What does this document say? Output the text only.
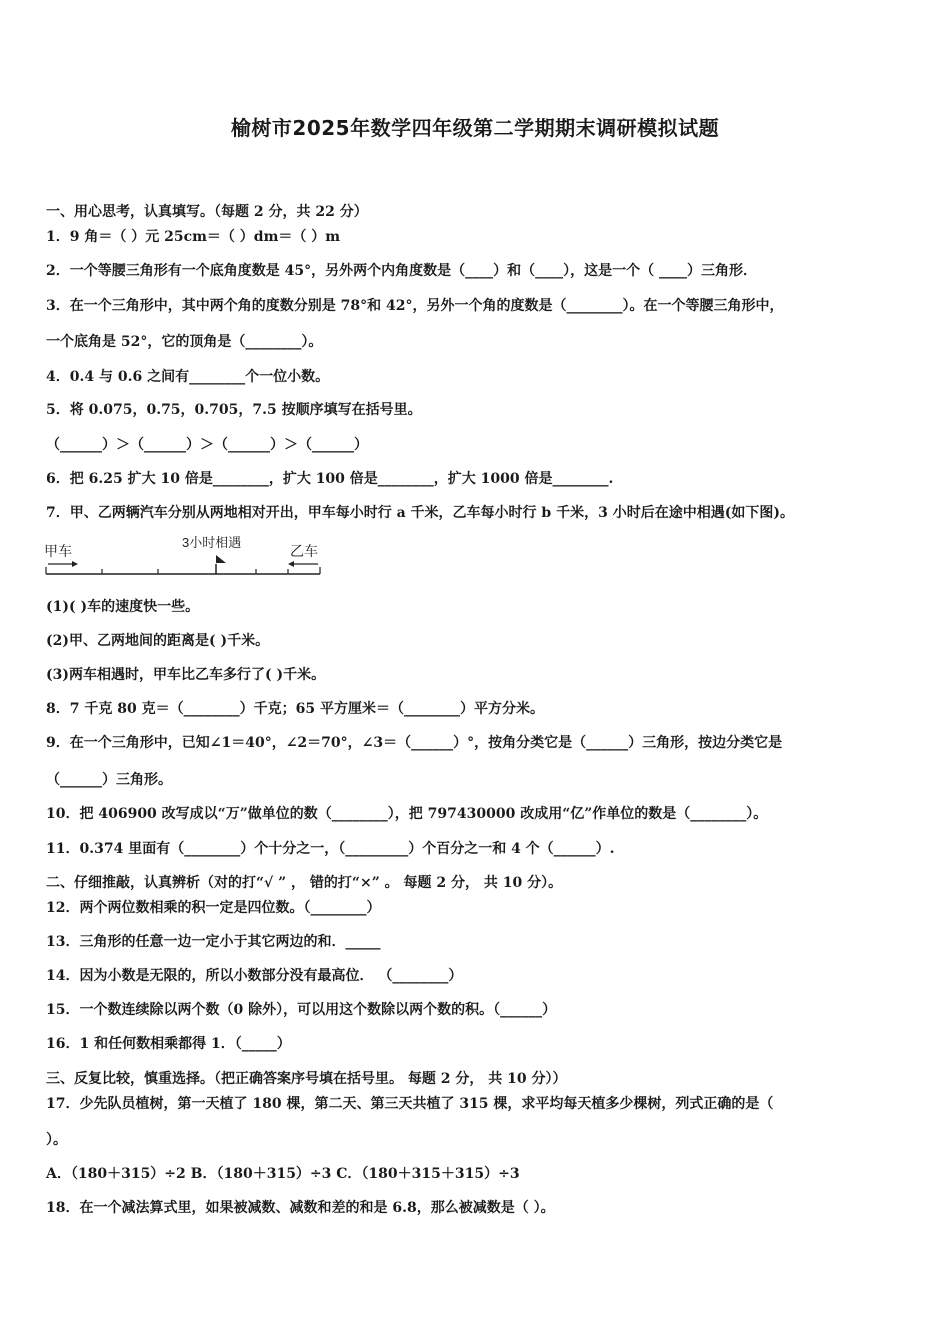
榆树市2025年数学四年级第二学期期末调研模拟试题
一、用心思考，认真填写。（每题 2 分，共 22 分）
1．9 角＝（ ）元 25cm＝（ ）dm＝（ ）m
2．一个等腰三角形有一个底角度数是 45°，另外两个内角度数是（____）和（____），这是一个（ ____）三角形．
3．在一个三角形中，其中两个角的度数分别是 78°和 42°，另外一个角的度数是（________）。在一个等腰三角形中，
一个底角是 52°，它的顶角是（________）。
4．0.4 与 0.6 之间有________个一位小数。
5．将 0.075，0.75，0.705，7.5 按顺序填写在括号里。
（______）＞（______）＞（______）＞（______）
6．把 6.25 扩大 10 倍是________，扩大 100 倍是________，扩大 1000 倍是________.
7．甲、乙两辆汽车分别从两地相对开出，甲车每小时行 a 千米，乙车每小时行 b 千米，3 小时后在途中相遇(如下图)。
甲车	乙车
3小时相遇
(1)( )车的速度快一些。
(2)甲、乙两地间的距离是( )千米。
(3)两车相遇时，甲车比乙车多行了( )千米。
8．7 千克 80 克＝（________）千克；65 平方厘米＝（________）平方分米。
9．在一个三角形中，已知∠1＝40°，∠2＝70°，∠3＝（______）°，按角分类它是（______）三角形，按边分类它是
（______）三角形。
10．把 406900 改写成以“万”做单位的数（________），把 797430000 改成用“亿”作单位的数是（________）。
11．0.374 里面有（________）个十分之一，（_________）个百分之一和 4 个（______）.
二、仔细推敲，认真辨析（对的打“√ ” ， 错的打“×” 。 每题 2 分， 共 10 分）。
12．两个两位数相乘的积一定是四位数。（________）
13．三角形的任意一边一定小于其它两边的和．_____
14．因为小数是无限的，所以小数部分没有最高位． （________）
15．一个数连续除以两个数（0 除外），可以用这个数除以两个数的积。（______）
16．1 和任何数相乘都得 1．（_____）
三、反复比较，慎重选择。（把正确答案序号填在括号里。 每题 2 分， 共 10 分））
17．少先队员植树，第一天植了 180 棵，第二天、第三天共植了 315 棵，求平均每天植多少棵树，列式正确的是（
）。
A．（180＋315）÷2 B．（180＋315）÷3 C．（180＋315＋315）÷3
18．在一个减法算式里，如果被减数、减数和差的和是 6.8，那么被减数是（ ）。
